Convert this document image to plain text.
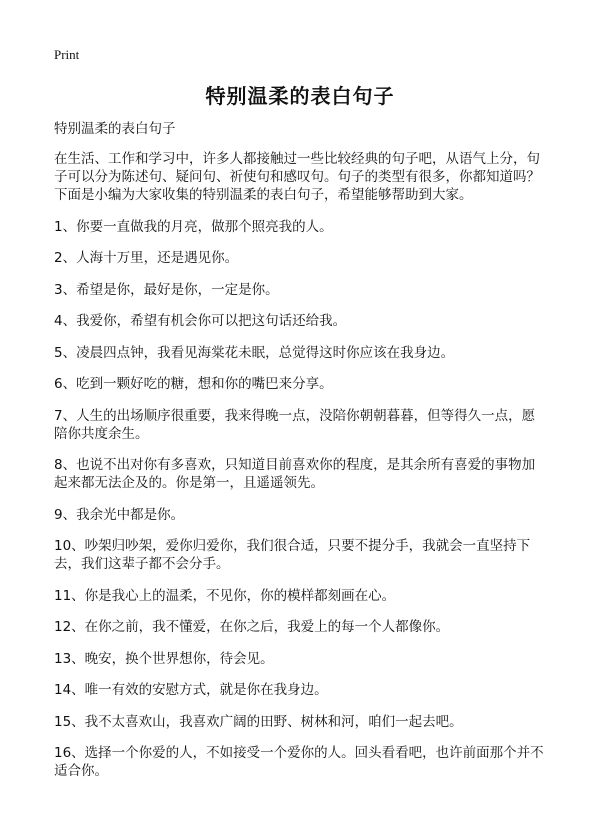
Print
特别温柔的表白句子

特别温柔的表白句子

在生活、工作和学习中，许多人都接触过一些比较经典的句子吧，从语气上分，句子可以分为陈述句、疑问句、祈使句和感叹句。句子的类型有很多，你都知道吗？下面是小编为大家收集的特别温柔的表白句子，希望能够帮助到大家。

1、你要一直做我的月亮，做那个照亮我的人。

2、人海十万里，还是遇见你。

3、希望是你，最好是你，一定是你。

4、我爱你，希望有机会你可以把这句话还给我。

5、凌晨四点钟，我看见海棠花未眠，总觉得这时你应该在我身边。

6、吃到一颗好吃的糖，想和你的嘴巴来分享。

7、人生的出场顺序很重要，我来得晚一点，没陪你朝朝暮暮，但等得久一点，愿陪你共度余生。

8、也说不出对你有多喜欢，只知道目前喜欢你的程度，是其余所有喜爱的事物加起来都无法企及的。你是第一，且遥遥领先。

9、我余光中都是你。

10、吵架归吵架，爱你归爱你，我们很合适，只要不提分手，我就会一直坚持下去，我们这辈子都不会分手。

11、你是我心上的温柔，不见你，你的模样都刻画在心。

12、在你之前，我不懂爱，在你之后，我爱上的每一个人都像你。

13、晚安，换个世界想你，待会见。

14、唯一有效的安慰方式，就是你在我身边。

15、我不太喜欢山，我喜欢广阔的田野、树林和河，咱们一起去吧。

16、选择一个你爱的人，不如接受一个爱你的人。回头看看吧，也许前面那个并不适合你。
